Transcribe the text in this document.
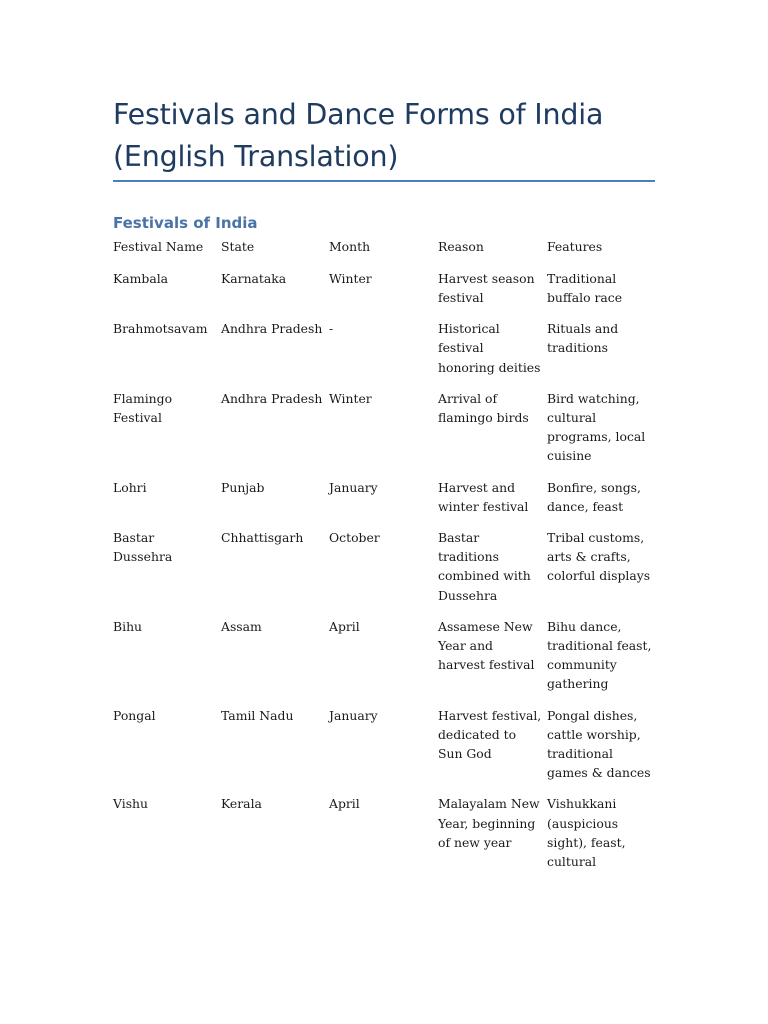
Festivals and Dance Forms of India
(English Translation)
Festivals of India
Festival Name	State	Month	Reason	Features
Kambala	Karnataka	Winter	Harvest season festival	Traditional buffalo race
Brahmotsavam	Andhra Pradesh	-	Historical festival honoring deities	Rituals and traditions
Flamingo Festival	Andhra Pradesh	Winter	Arrival of flamingo birds	Bird watching, cultural programs, local cuisine
Lohri	Punjab	January	Harvest and winter festival	Bonfire, songs, dance, feast
Bastar Dussehra	Chhattisgarh	October	Bastar traditions combined with Dussehra	Tribal customs, arts & crafts, colorful displays
Bihu	Assam	April	Assamese New Year and harvest festival	Bihu dance, traditional feast, community gathering
Pongal	Tamil Nadu	January	Harvest festival, dedicated to Sun God	Pongal dishes, cattle worship, traditional games & dances
Vishu	Kerala	April	Malayalam New Year, beginning of new year	Vishukkani (auspicious sight), feast, cultural
